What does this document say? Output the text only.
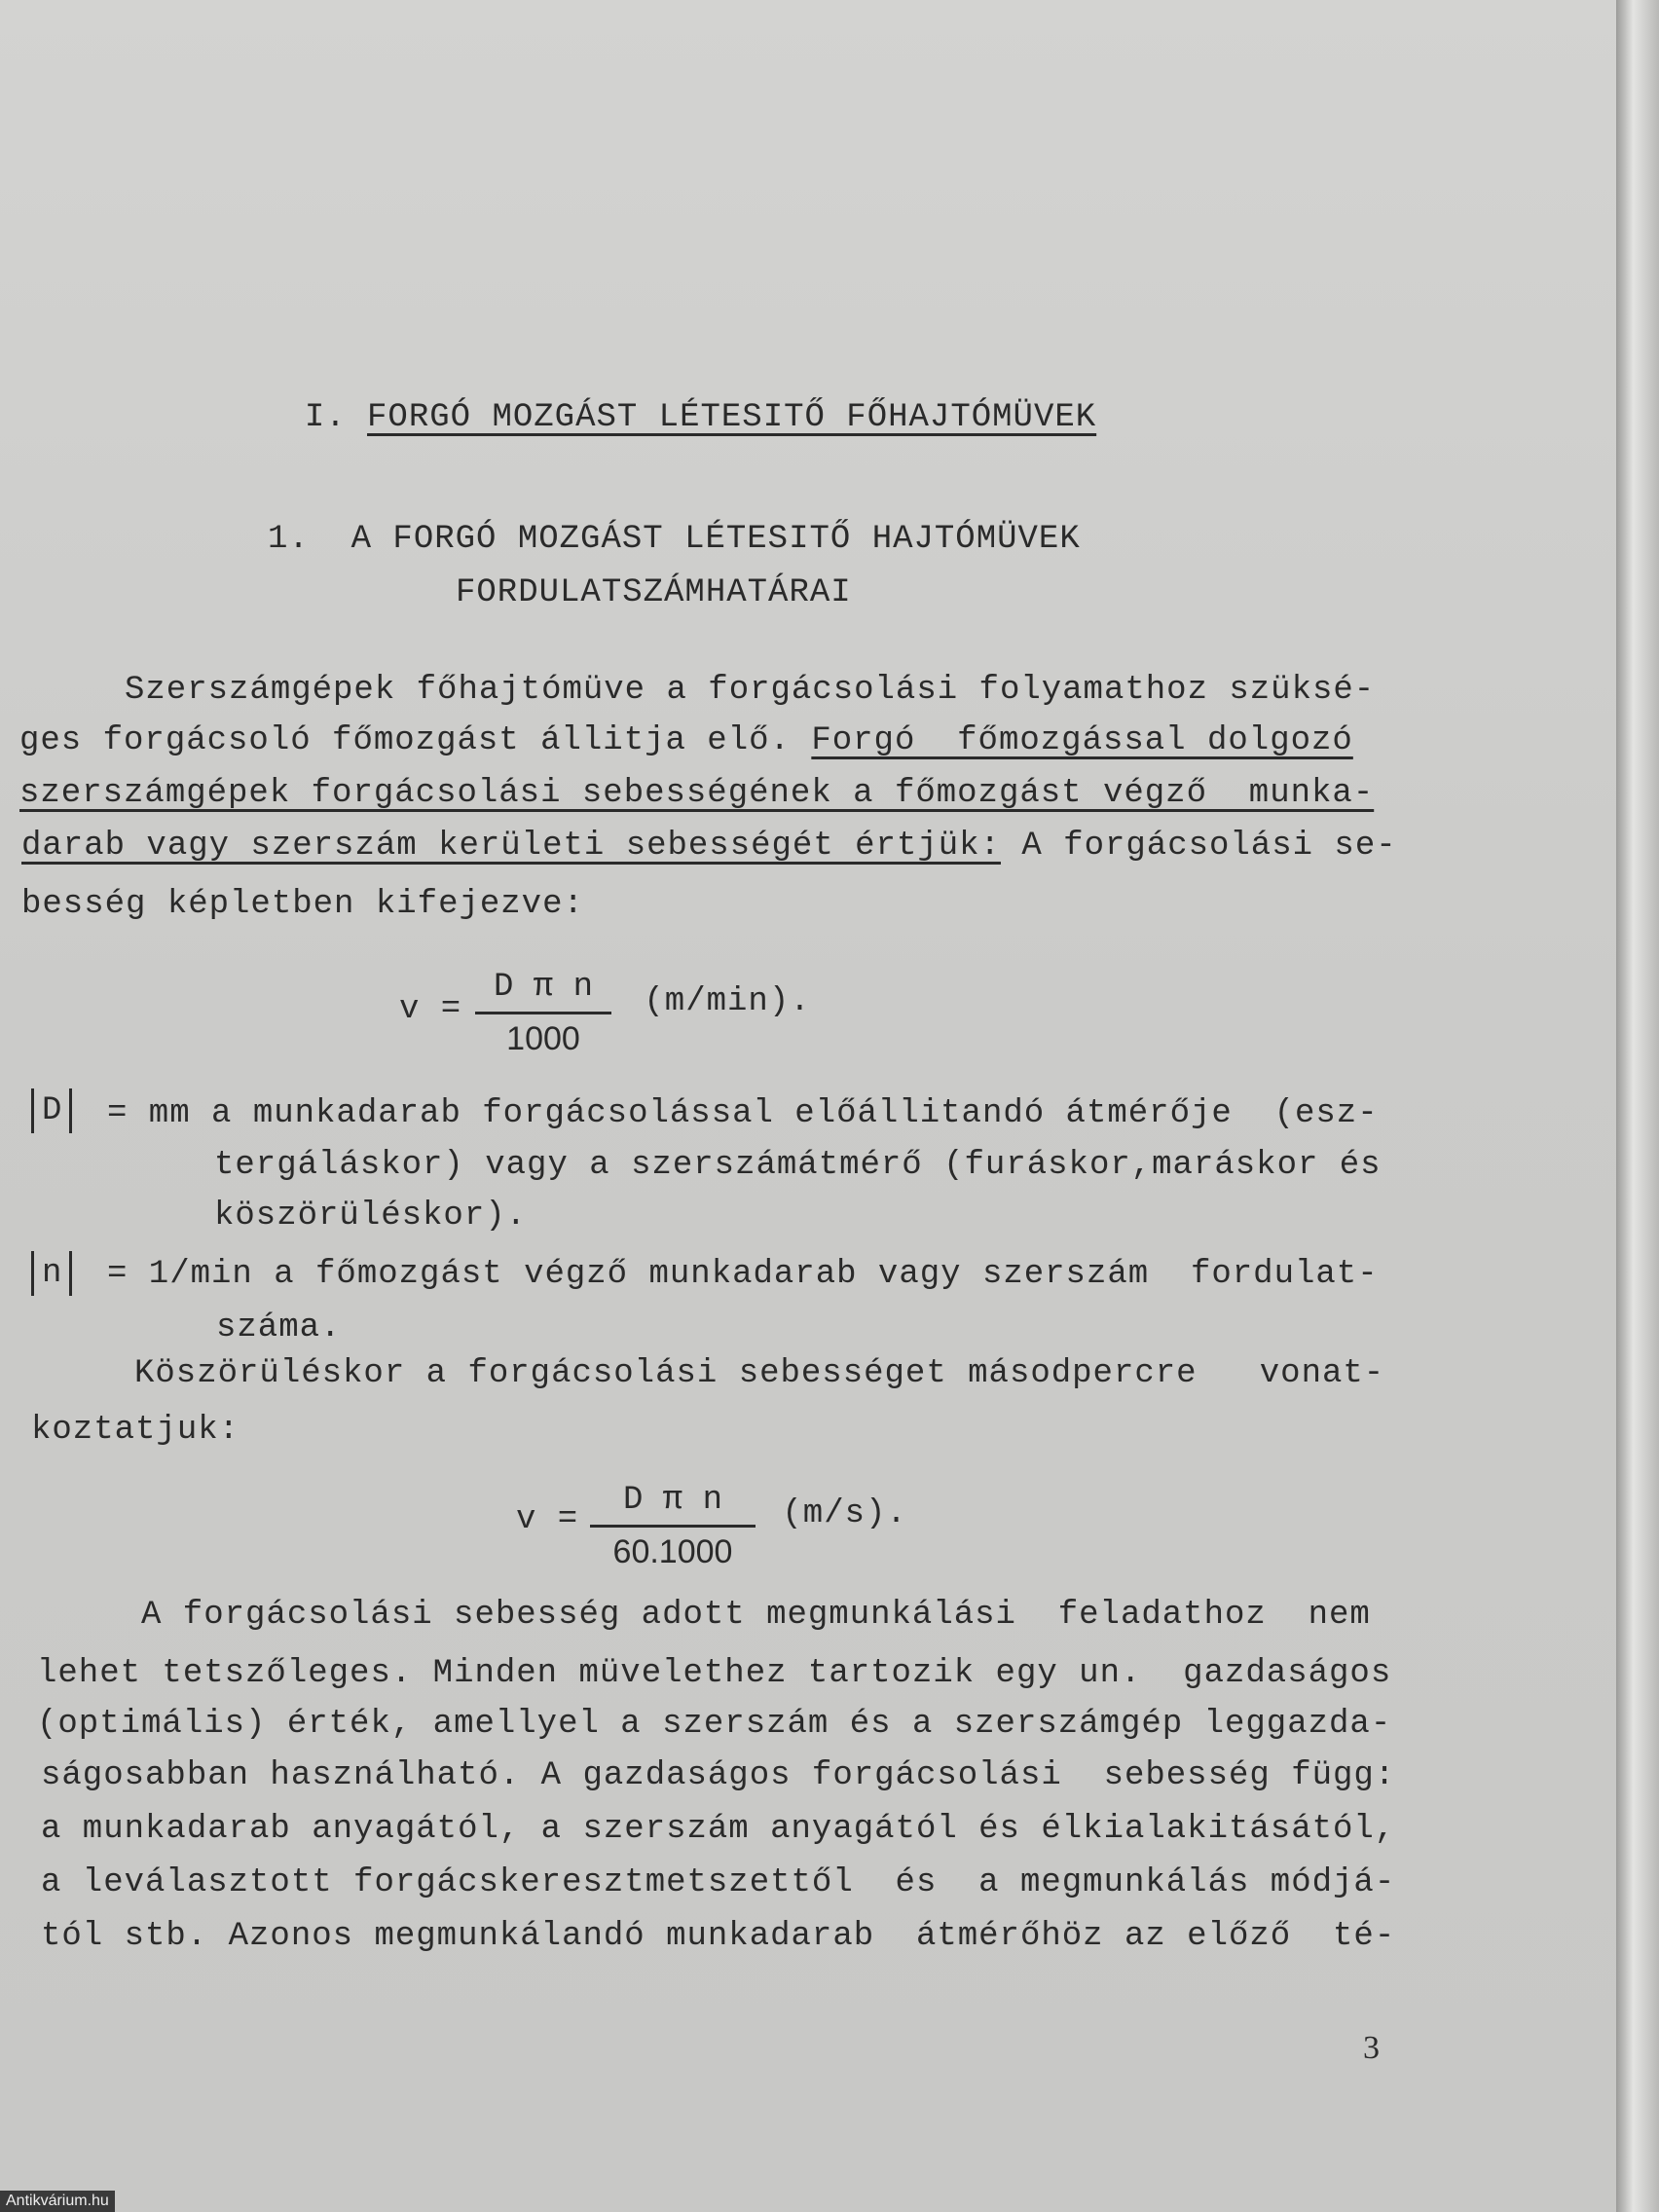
I. FORGÓ MOZGÁST LÉTESITŐ FŐHAJTÓMÜVEK

1.  A FORGÓ MOZGÁST LÉTESITŐ HAJTÓMÜVEK
FORDULATSZÁMHATÁRAI
Szerszámgépek főhajtómüve a forgácsolási folyamathoz szüksé-
ges forgácsoló főmozgást állitja elő. Forgó  főmozgással dolgozó
szerszámgépek forgácsolási sebességének a főmozgást végző  munka-
darab vagy szerszám kerületi sebességét értjük: A forgácsolási se-
besség képletben kifejezve:
v =
$\frac{\text{D π n}}{1000} (m/\min)$.
D	= mm a munkadarab forgácsolással előállitandó átmérője  (esz-
tergáláskor) vagy a szerszámátmérő (furáskor,maráskor és
köszörüléskor).
n	= 1/min a főmozgást végző munkadarab vagy szerszám  fordulat-
száma.
Köszörüléskor a forgácsolási sebességet másodpercre   vonat-
koztatjuk:
v =
$\frac{\text{D π n}}{60.1000} (m/s)$.
A forgácsolási sebesség adott megmunkálási  feladathoz  nem
lehet tetszőleges. Minden müvelethez tartozik egy un.  gazdaságos
(optimális) érték, amellyel a szerszám és a szerszámgép leggazda-
ságosabban használható. A gazdaságos forgácsolási  sebesség függ:
a munkadarab anyagától, a szerszám anyagától és élkialakitásától,
a leválasztott forgácskeresztmetszettől  és  a megmunkálás módjá-
tól stb. Azonos megmunkálandó munkadarab  átmérőhöz az előző  té-
3
Antikvárium.hu
